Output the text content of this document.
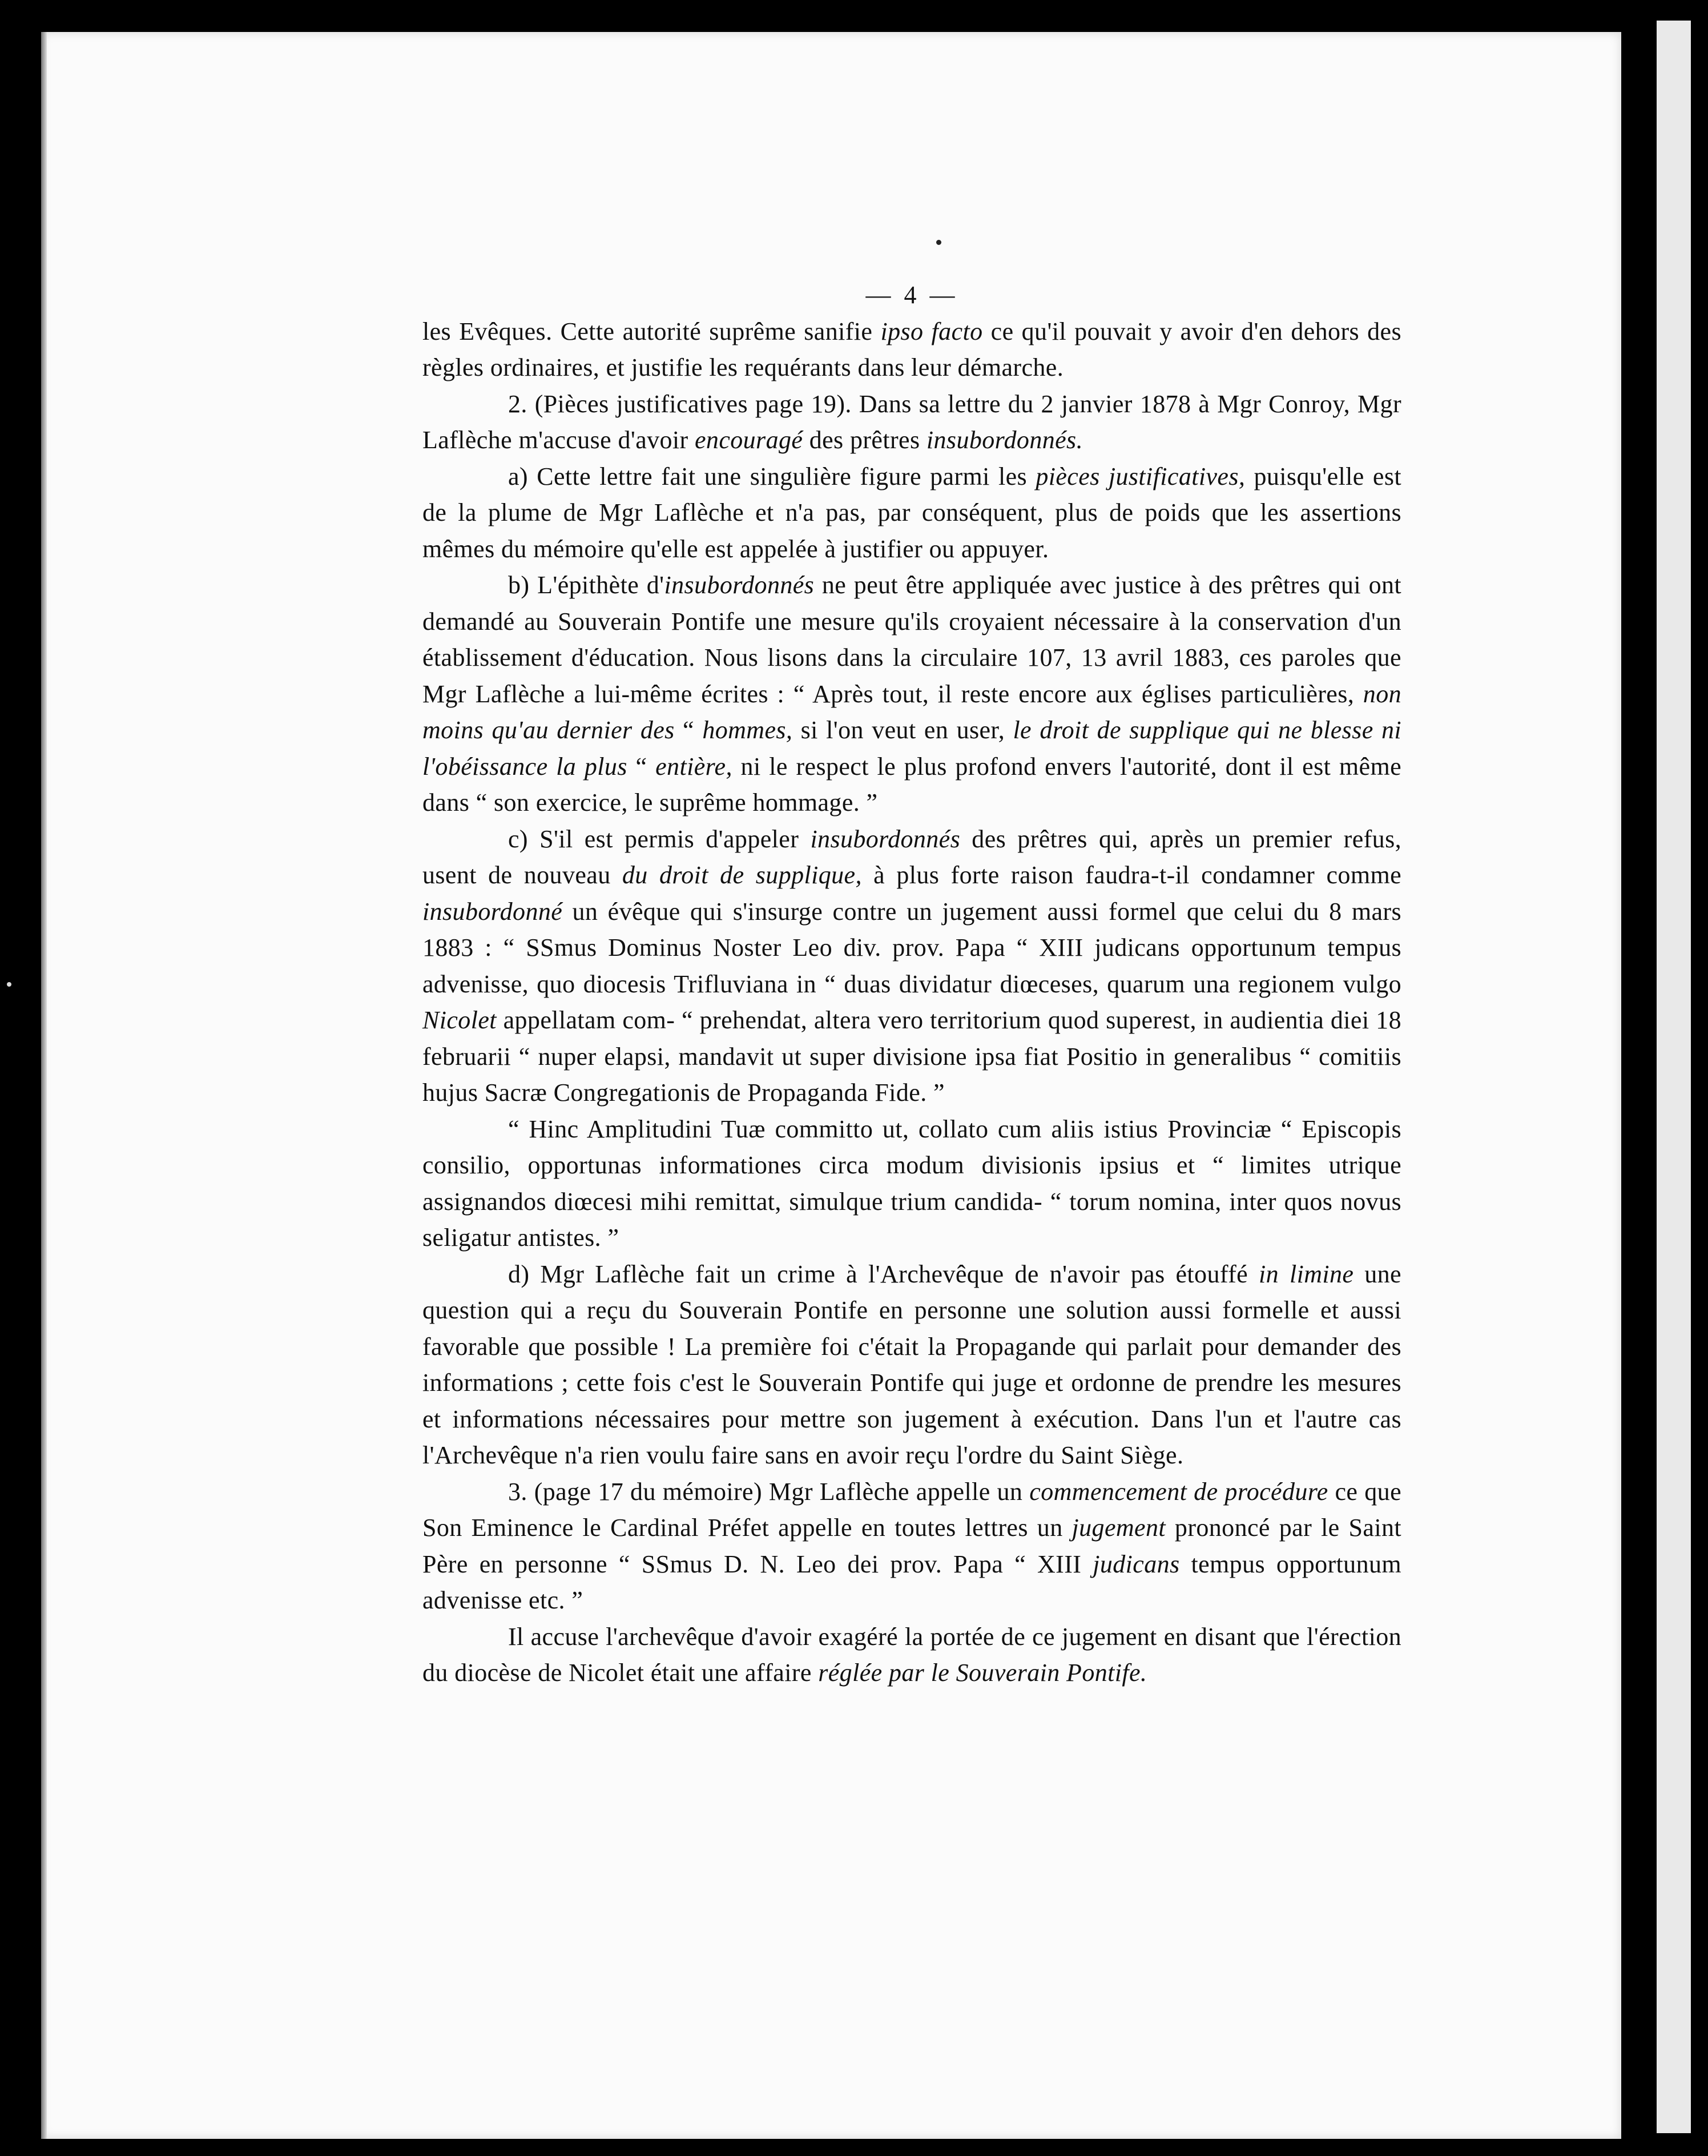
— 4 —

les Evêques. Cette autorité suprême sanifie ipso facto ce qu'il pouvait y avoir d'en dehors des règles ordinaires, et justifie les requérants dans leur démarche.

2. (Pièces justificatives page 19). Dans sa lettre du 2 janvier 1878 à Mgr Conroy, Mgr Laflèche m'accuse d'avoir encouragé des prêtres insubordonnés.

a) Cette lettre fait une singulière figure parmi les pièces justificatives, puisqu'elle est de la plume de Mgr Laflèche et n'a pas, par conséquent, plus de poids que les assertions mêmes du mémoire qu'elle est appelée à justifier ou appuyer.

b) L'épithète d'insubordonnés ne peut être appliquée avec justice à des prêtres qui ont demandé au Souverain Pontife une mesure qu'ils croyaient nécessaire à la conservation d'un établissement d'éducation. Nous lisons dans la circulaire 107, 13 avril 1883, ces paroles que Mgr Laflèche a lui-même écrites : “ Après tout, il reste encore aux églises particulières, non moins qu'au dernier des “ hommes, si l'on veut en user, le droit de supplique qui ne blesse ni l'obéissance la plus “ entière, ni le respect le plus profond envers l'autorité, dont il est même dans “ son exercice, le suprême hommage. ”

c) S'il est permis d'appeler insubordonnés des prêtres qui, après un premier refus, usent de nouveau du droit de supplique, à plus forte raison faudra-t-il condamner comme insubordonné un évêque qui s'insurge contre un jugement aussi formel que celui du 8 mars 1883 : “ SSmus Dominus Noster Leo div. prov. Papa “ XIII judicans opportunum tempus advenisse, quo diocesis Trifluviana in “ duas dividatur diœceses, quarum una regionem vulgo Nicolet appellatam com- “ prehendat, altera vero territorium quod superest, in audientia diei 18 februarii “ nuper elapsi, mandavit ut super divisione ipsa fiat Positio in generalibus “ comitiis hujus Sacræ Congregationis de Propaganda Fide. ”

“ Hinc Amplitudini Tuæ committo ut, collato cum aliis istius Provinciæ “ Episcopis consilio, opportunas informationes circa modum divisionis ipsius et “ limites utrique assignandos diœcesi mihi remittat, simulque trium candida- “ torum nomina, inter quos novus seligatur antistes. ”

d) Mgr Laflèche fait un crime à l'Archevêque de n'avoir pas étouffé in limine une question qui a reçu du Souverain Pontife en personne une solution aussi formelle et aussi favorable que possible ! La première foi c'était la Propagande qui parlait pour demander des informations ; cette fois c'est le Souverain Pontife qui juge et ordonne de prendre les mesures et informations nécessaires pour mettre son jugement à exécution. Dans l'un et l'autre cas l'Archevêque n'a rien voulu faire sans en avoir reçu l'ordre du Saint Siège.

3. (page 17 du mémoire) Mgr Laflèche appelle un commencement de procédure ce que Son Eminence le Cardinal Préfet appelle en toutes lettres un jugement prononcé par le Saint Père en personne “ SSmus D. N. Leo dei prov. Papa “ XIII judicans tempus opportunum advenisse etc. ”

Il accuse l'archevêque d'avoir exagéré la portée de ce jugement en disant que l'érection du diocèse de Nicolet était une affaire réglée par le Souverain Pontife.
